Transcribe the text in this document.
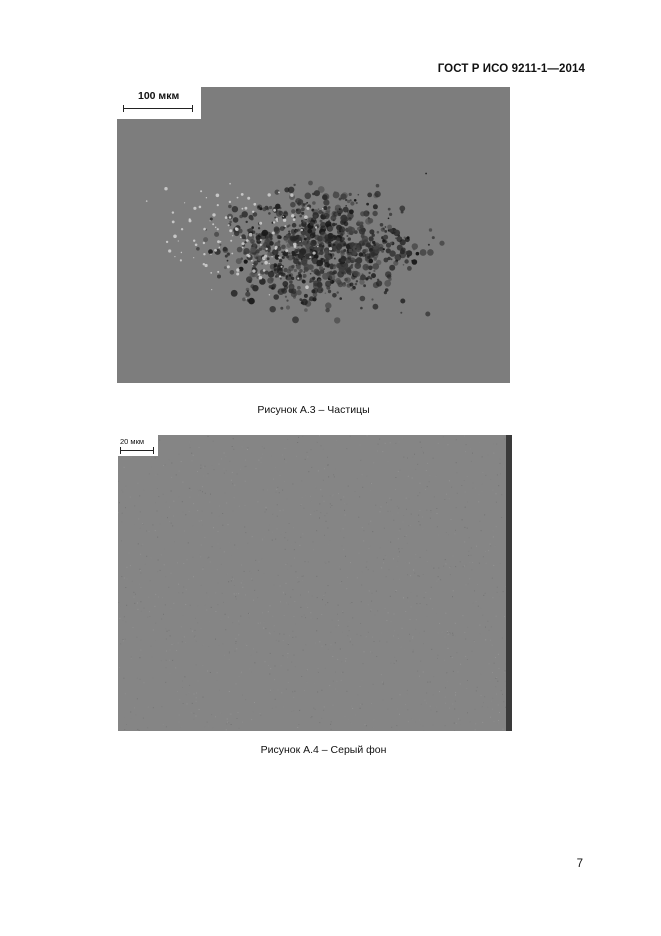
ГОСТ Р ИСО 9211-1—2014
100 мкм
Рисунок А.3 – Частицы
20 мкм
Рисунок А.4 – Серый фон
7
